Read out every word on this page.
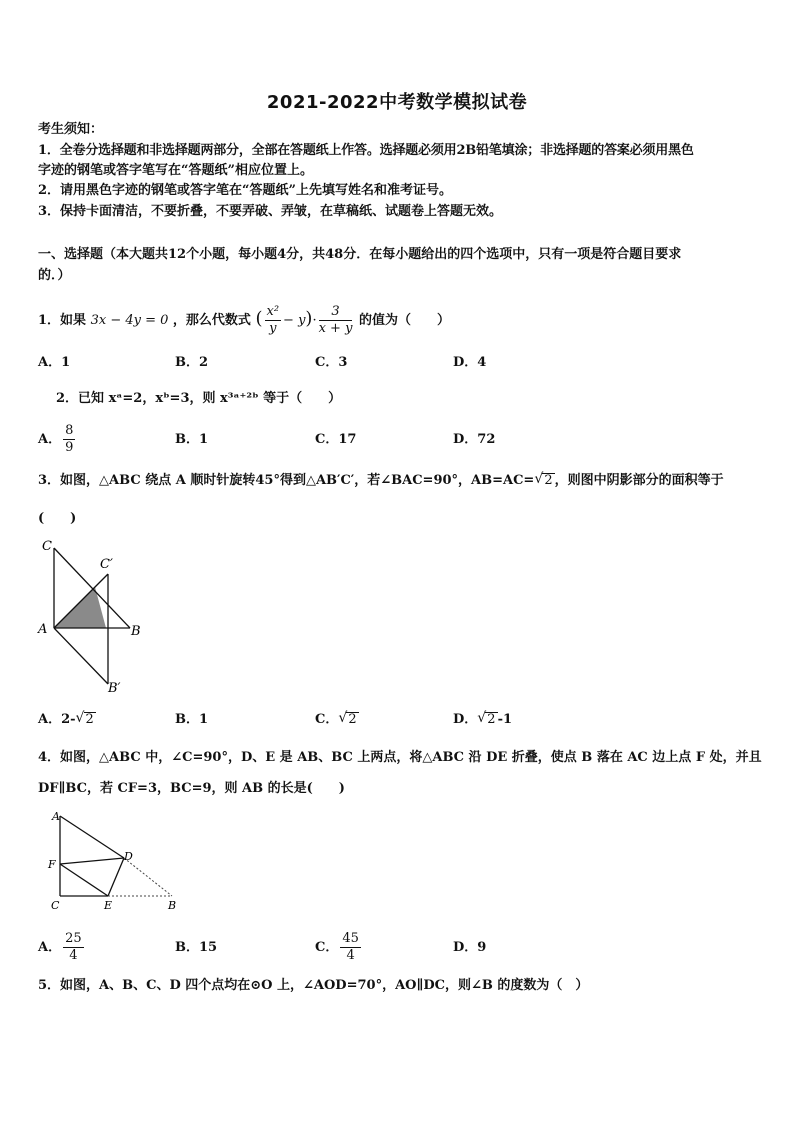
2021-2022中考数学模拟试卷
考生须知：
1．全卷分选择题和非选择题两部分，全部在答题纸上作答。选择题必须用2B铅笔填涂；非选择题的答案必须用黑色
字迹的钢笔或答字笔写在“答题纸”相应位置上。
2．请用黑色字迹的钢笔或答字笔在“答题纸”上先填写姓名和准考证号。
3．保持卡面清洁，不要折叠，不要弄破、弄皱，在草稿纸、试题卷上答题无效。
一、选择题（本大题共12个小题，每小题4分，共48分．在每小题给出的四个选项中，只有一项是符合题目要求
的．）
1．如果 3x − 4y = 0 ，那么代数式 ( $\frac{\text{x²}}{y} - y)\cdot \frac{3}{x + y}$ 的值为（　　）
A．1	B．2	C．3	D．4
2．已知 xᵃ=2，xᵇ=3，则 x³ᵃ⁺²ᵇ 等于（　　）
A． $\frac{8}{9}$	B．1	C．17	D．72
3．如图，△ABC 绕点 A 顺时针旋转45°得到△AB′C′，若∠BAC=90°，AB=AC= √ 2 ，则图中阴影部分的面积等于
(　　)
C
C′
A	B
B′
A．2- √ 2	B．1	C． √ 2	D． √ 2 -1
4．如图，△ABC 中，∠C=90°，D、E 是 AB、BC 上两点，将△ABC 沿 DE 折叠，使点 B 落在 AC 边上点 F 处，并且
DF∥BC，若 CF=3，BC=9，则 AB 的长是(　　)
A
F
D
C	E	B
A． $\frac{25}{4}$	B．15	C． $\frac{45}{4}$	D．9
5．如图，A、B、C、D 四个点均在⊙O 上，∠AOD=70°，AO∥DC，则∠B 的度数为（　）
